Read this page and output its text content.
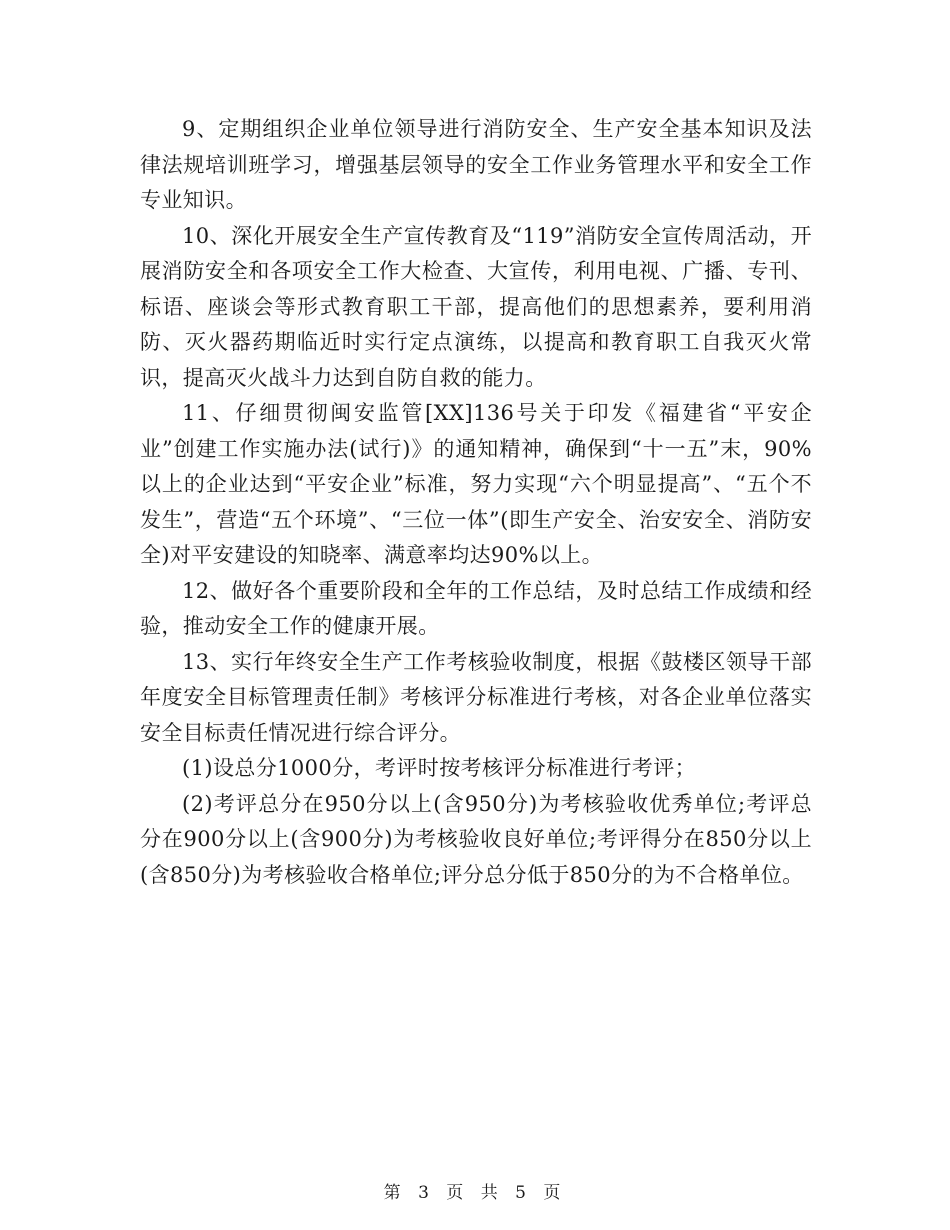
9、定期组织企业单位领导进行消防安全、生产安全基本知识及法律法规培训班学习，增强基层领导的安全工作业务管理水平和安全工作专业知识。

10、深化开展安全生产宣传教育及“119”消防安全宣传周活动，开展消防安全和各项安全工作大检查、大宣传，利用电视、广播、专刊、标语、座谈会等形式教育职工干部，提高他们的思想素养，要利用消防、灭火器药期临近时实行定点演练，以提高和教育职工自我灭火常识，提高灭火战斗力达到自防自救的能力。

11、仔细贯彻闽安监管[XX]136号关于印发《福建省“平安企业”创建工作实施办法(试行)》的通知精神，确保到“十一五”末，90%以上的企业达到“平安企业”标准，努力实现“六个明显提高”、“五个不发生”，营造“五个环境”、“三位一体”(即生产安全、治安安全、消防安全)对平安建设的知晓率、满意率均达90%以上。

12、做好各个重要阶段和全年的工作总结，及时总结工作成绩和经验，推动安全工作的健康开展。

13、实行年终安全生产工作考核验收制度，根据《鼓楼区领导干部年度安全目标管理责任制》考核评分标准进行考核，对各企业单位落实安全目标责任情况进行综合评分。

(1)设总分1000分，考评时按考核评分标准进行考评；

(2)考评总分在950分以上(含950分)为考核验收优秀单位;考评总分在900分以上(含900分)为考核验收良好单位;考评得分在850分以上(含850分)为考核验收合格单位;评分总分低于850分的为不合格单位。

第 3 页 共 5 页
